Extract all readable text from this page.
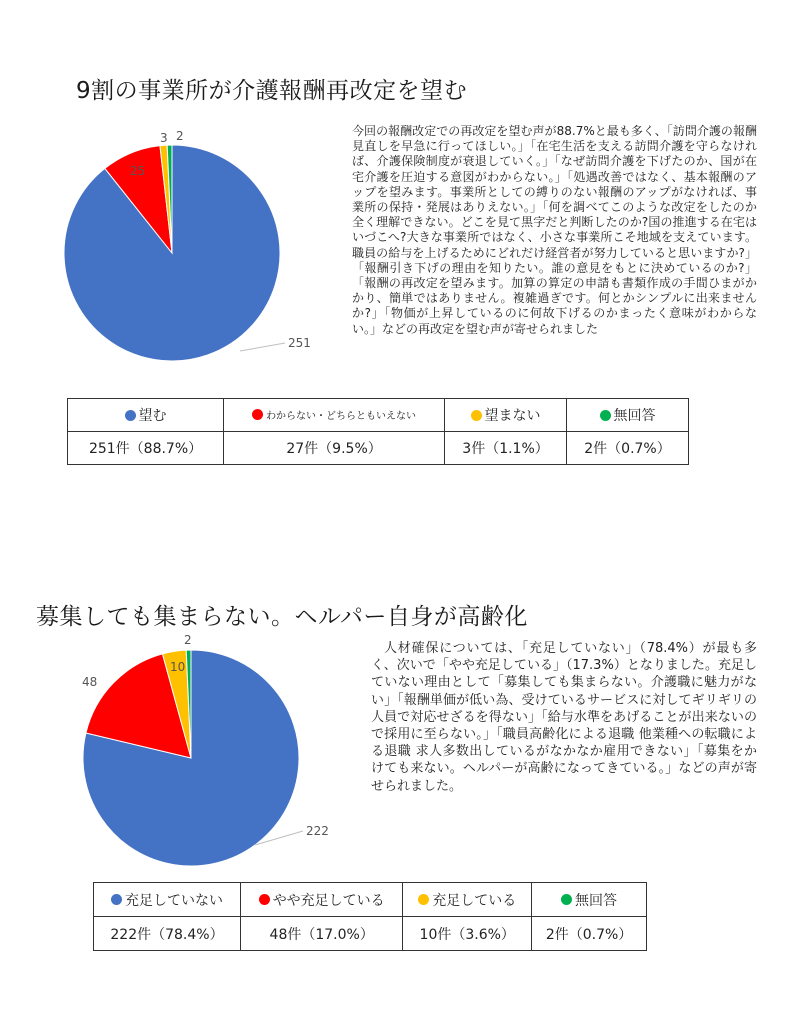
9割の事業所が介護報酬再改定を望む
251
25
3 2	今回の報酬改定での再改定を望む声が88.7%と最も多く、「訪問介護の報酬見直しを早急に行ってほしい。」「在宅生活を支える訪問介護を守らなければ、介護保険制度が衰退していく。」「なぜ訪問介護を下げたのか、国が在宅介護を圧迫する意図がわからない。」「処遇改善ではなく、基本報酬のアップを望みます。事業所としての縛りのない報酬のアップがなければ、事業所の保持・発展はありえない。」「何を調べてこのような改定をしたのか全く理解できない。どこを見て黒字だと判断したのか?国の推進する在宅はいづこへ?大きな事業所ではなく、小さな事業所こそ地域を支えています。職員の給与を上げるためにどれだけ経営者が努力していると思いますか?」「報酬引き下げの理由を知りたい。誰の意見をもとに決めているのか?」「報酬の再改定を望みます。加算の算定の申請も書類作成の手間ひまがかかり、簡単ではありません。複雑過ぎです。何とかシンプルに出来ませんか?」「物価が上昇しているのに何故下げるのかまったく意味がわからない。」などの再改定を望む声が寄せられました
望む	わからない・どちらともいえない	望まない	無回答
251件（88.7%）	27件（9.5%）	3件（1.1%）	2件（0.7%）
募集しても集まらない。ヘルパー自身が高齢化
222
48
10
2
人材確保については、「充足していない」（78.4%）が最も多く、次いで「やや充足している」（17.3%）となりました。充足していない理由として「募集しても集まらない。介護職に魅力がない」「報酬単価が低い為、受けているサービスに対してギリギリの人員で対応せざるを得ない」「給与水準をあげることが出来ないので採用に至らない。」「職員高齢化による退職 他業種への転職による退職 求人多数出しているがなかなか雇用できない」「募集をかけても来ない。ヘルパーが高齢になってきている。」などの声が寄せられました。
充足していない	やや充足している	充足している	無回答
222件（78.4%）	48件（17.0%）	10件（3.6%）	2件（0.7%）
